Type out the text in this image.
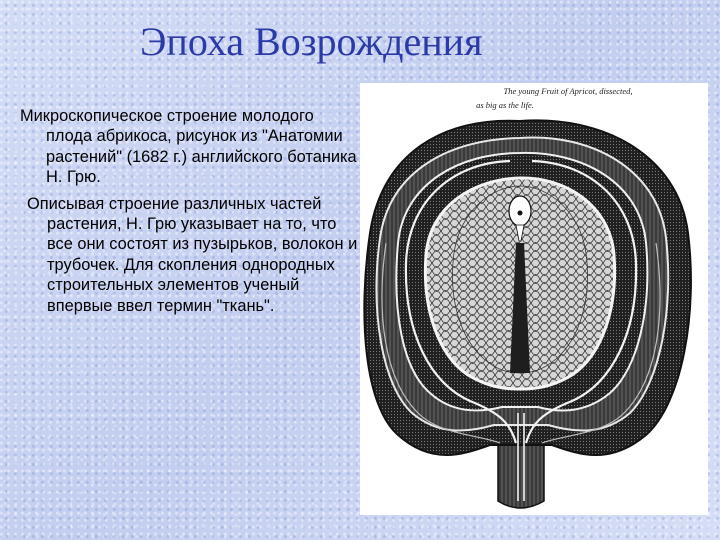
Эпоха Возрождения

Микроскопическое строение молодого плода абрикоса, рисунок из "Анатомии растений" (1682 г.) английского ботаника Н. Грю.

Описывая строение различных частей растения, Н. Грю указывает на то, что все они состоят из пузырьков, волокон и трубочек. Для скопления однородных строительных элементов ученый впервые ввел термин "ткань".

The young Fruit of Apricot, dissected,
as big as the life.
